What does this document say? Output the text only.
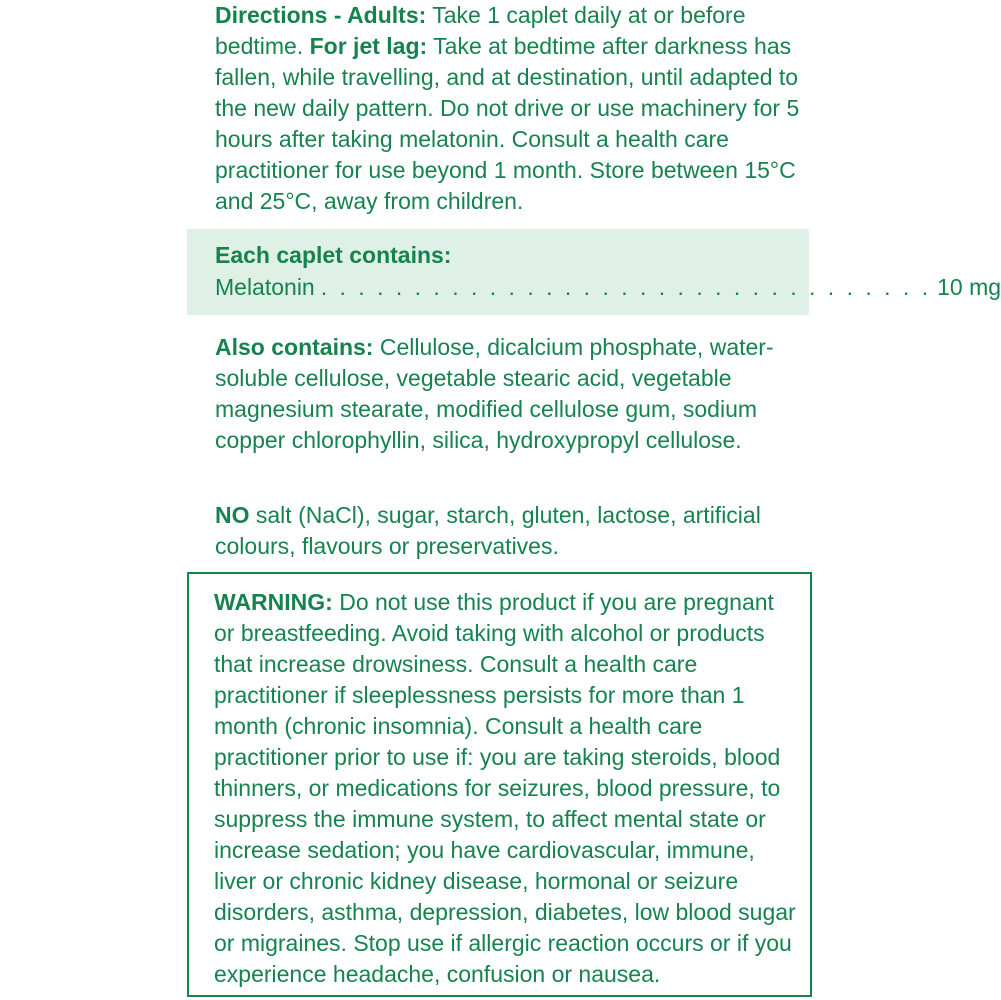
Directions - Adults: Take 1 caplet daily at or before bedtime. For jet lag: Take at bedtime after darkness has fallen, while travelling, and at destination, until adapted to the new daily pattern. Do not drive or use machinery for 5 hours after taking melatonin. Consult a health care practitioner for use beyond 1 month. Store between 15°C and 25°C, away from children.

Each caplet contains:
Melatonin . . . . . . . . . . . . . . . . . . . . . . . . . . . . . . . . . 10 mg

Also contains: Cellulose, dicalcium phosphate, water-soluble cellulose, vegetable stearic acid, vegetable magnesium stearate, modified cellulose gum, sodium copper chlorophyllin, silica, hydroxypropyl cellulose.

NO salt (NaCl), sugar, starch, gluten, lactose, artificial colours, flavours or preservatives.

WARNING: Do not use this product if you are pregnant or breastfeeding. Avoid taking with alcohol or products that increase drowsiness. Consult a health care practitioner if sleeplessness persists for more than 1 month (chronic insomnia). Consult a health care practitioner prior to use if: you are taking steroids, blood thinners, or medications for seizures, blood pressure, to suppress the immune system, to affect mental state or increase sedation; you have cardiovascular, immune, liver or chronic kidney disease, hormonal or seizure disorders, asthma, depression, diabetes, low blood sugar or migraines. Stop use if allergic reaction occurs or if you experience headache, confusion or nausea.
